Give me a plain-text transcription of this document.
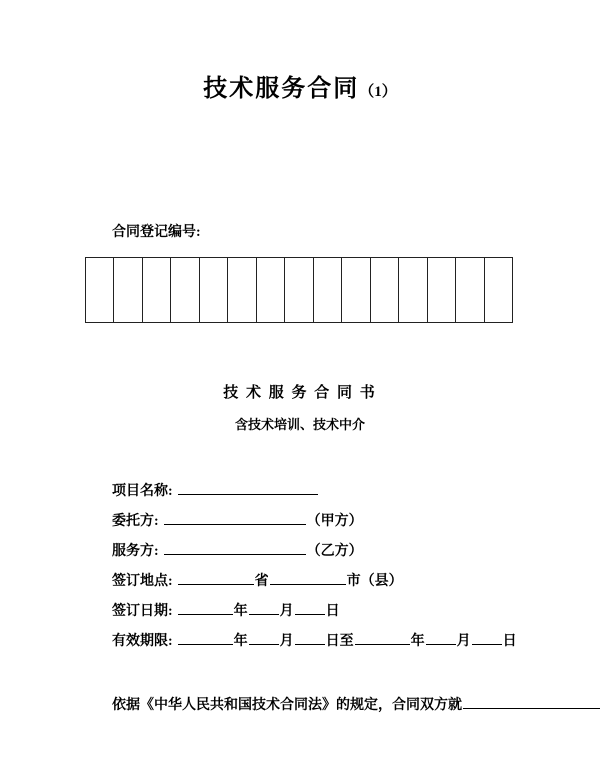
技术服务合同（1）
合同登记编号:
技 术 服 务 合 同 书
含技术培训、技术中介
项目名称:
委托方:	（甲方）
服务方:	（乙方）
签订地点:	省	市（县）
签订日期:	年 月 日
有效期限:	年 月 日至	年 月 日
依据《中华人民共和国技术合同法》的规定，合同双方就
